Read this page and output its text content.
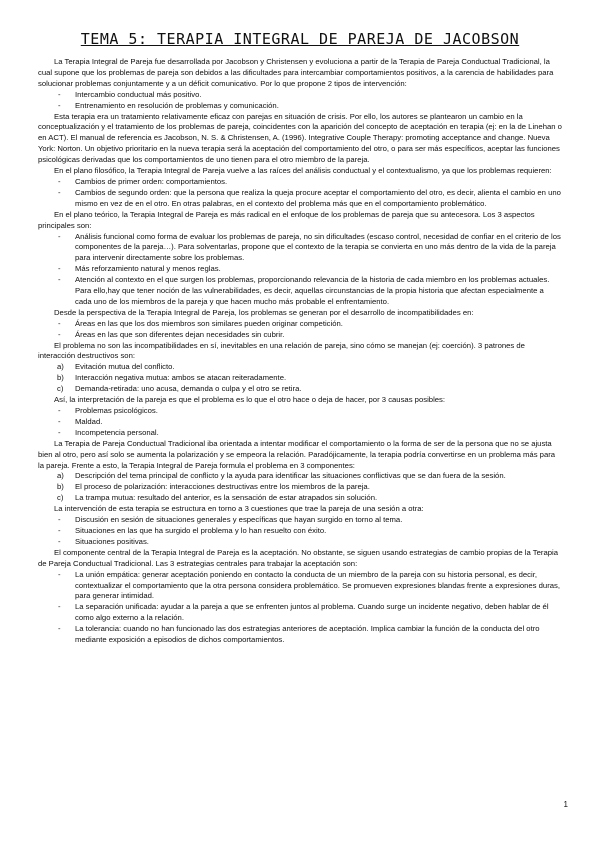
TEMA 5: TERAPIA INTEGRAL DE PAREJA DE JACOBSON

La Terapia Integral de Pareja fue desarrollada por Jacobson y Christensen y evoluciona a partir de la Terapia de Pareja Conductual Tradicional, la cual supone que los problemas de pareja son debidos a las dificultades para intercambiar comportamientos positivos, a la carencia de habilidades para solucionar problemas conjuntamente y a un déficit comunicativo. Por lo que propone 2 tipos de intervención:

- Intercambio conductual más positivo.
- Entrenamiento en resolución de problemas y comunicación.

Esta terapia era un tratamiento relativamente eficaz con parejas en situación de crisis. Por ello, los autores se plantearon un cambio en la conceptualización y el tratamiento de los problemas de pareja, coincidentes con la aparición del concepto de aceptación en terapia (ej: en la de Linehan o en ACT). El manual de referencia es Jacobson, N. S. & Christensen, A. (1996). Integrative Couple Therapy: promoting acceptance and change. Nueva York: Norton. Un objetivo prioritario en la nueva terapia será la aceptación del comportamiento del otro, o para ser más específicos, aceptar las funciones psicológicas derivadas que los comportamientos de uno tienen para el otro miembro de la pareja.

En el plano filosófico, la Terapia Integral de Pareja vuelve a las raíces del análisis conductual y el contextualismo, ya que los problemas requieren:

- Cambios de primer orden: comportamientos.
- Cambios de segundo orden: que la persona que realiza la queja procure aceptar el comportamiento del otro, es decir, alienta el cambio en uno mismo en vez de en el otro. En otras palabras, en el contexto del problema más que en el comportamiento problemático.

En el plano teórico, la Terapia Integral de Pareja es más radical en el enfoque de los problemas de pareja que su antecesora. Los 3 aspectos principales son:

- Análisis funcional como forma de evaluar los problemas de pareja, no sin dificultades (escaso control, necesidad de confiar en el criterio de los componentes de la pareja…). Para solventarlas, propone que el contexto de la terapia se convierta en uno más dentro de la vida de la pareja para intervenir directamente sobre los problemas.
- Más reforzamiento natural y menos reglas.
- Atención al contexto en el que surgen los problemas, proporcionando relevancia de la historia de cada miembro en los problemas actuales. Para ello,hay que tener noción de las vulnerabilidades, es decir, aquellas circunstancias de la propia historia que afectan especialmente a cada uno de los miembros de la pareja y que hacen mucho más probable el enfrentamiento.

Desde la perspectiva de la Terapia Integral de Pareja, los problemas se generan por el desarrollo de incompatibilidades en:

- Áreas en las que los dos miembros son similares pueden originar competición.
- Áreas en las que son diferentes dejan necesidades sin cubrir.

El problema no son las incompatibilidades en sí, inevitables en una relación de pareja, sino cómo se manejan (ej: coerción). 3 patrones de interacción destructivos son:

a) Evitación mutua del conflicto.
b) Interacción negativa mutua: ambos se atacan reiteradamente.
c) Demanda-retirada: uno acusa, demanda o culpa y el otro se retira.

Así, la interpretación de la pareja es que el problema es lo que el otro hace o deja de hacer, por 3 causas posibles:

- Problemas psicológicos.
- Maldad.
- Incompetencia personal.

La Terapia de Pareja Conductual Tradicional iba orientada a intentar modificar el comportamiento o la forma de ser de la persona que no se ajusta bien al otro, pero así solo se aumenta la polarización y se empeora la relación. Paradójicamente, la terapia podría convertirse en un problema más para la pareja. Frente a esto, la Terapia Integral de Pareja formula el problema en 3 componentes:

a) Descripción del tema principal de conflicto y la ayuda para identificar las situaciones conflictivas que se dan fuera de la sesión.
b) El proceso de polarización: interacciones destructivas entre los miembros de la pareja.
c) La trampa mutua: resultado del anterior, es la sensación de estar atrapados sin solución.

La intervención de esta terapia se estructura en torno a 3 cuestiones que trae la pareja de una sesión a otra:

- Discusión en sesión de situaciones generales y específicas que hayan surgido en torno al tema.
- Situaciones en las que ha surgido el problema y lo han resuelto con éxito.
- Situaciones positivas.

El componente central de la Terapia Integral de Pareja es la aceptación. No obstante, se siguen usando estrategias de cambio propias de la Terapia de Pareja Conductual Tradicional. Las 3 estrategias centrales para trabajar la aceptación son:

- La unión empática: generar aceptación poniendo en contacto la conducta de un miembro de la pareja con su historia personal, es decir, contextualizar el comportamiento que la otra persona considera problemático. Se promueven expresiones blandas frente a expresiones duras, para generar intimidad.
- La separación unificada: ayudar a la pareja a que se enfrenten juntos al problema. Cuando surge un incidente negativo, deben hablar de él como algo externo a la relación.
- La tolerancia: cuando no han funcionado las dos estrategias anteriores de aceptación. Implica cambiar la función de la conducta del otro mediante exposición a episodios de dichos comportamientos.
1
